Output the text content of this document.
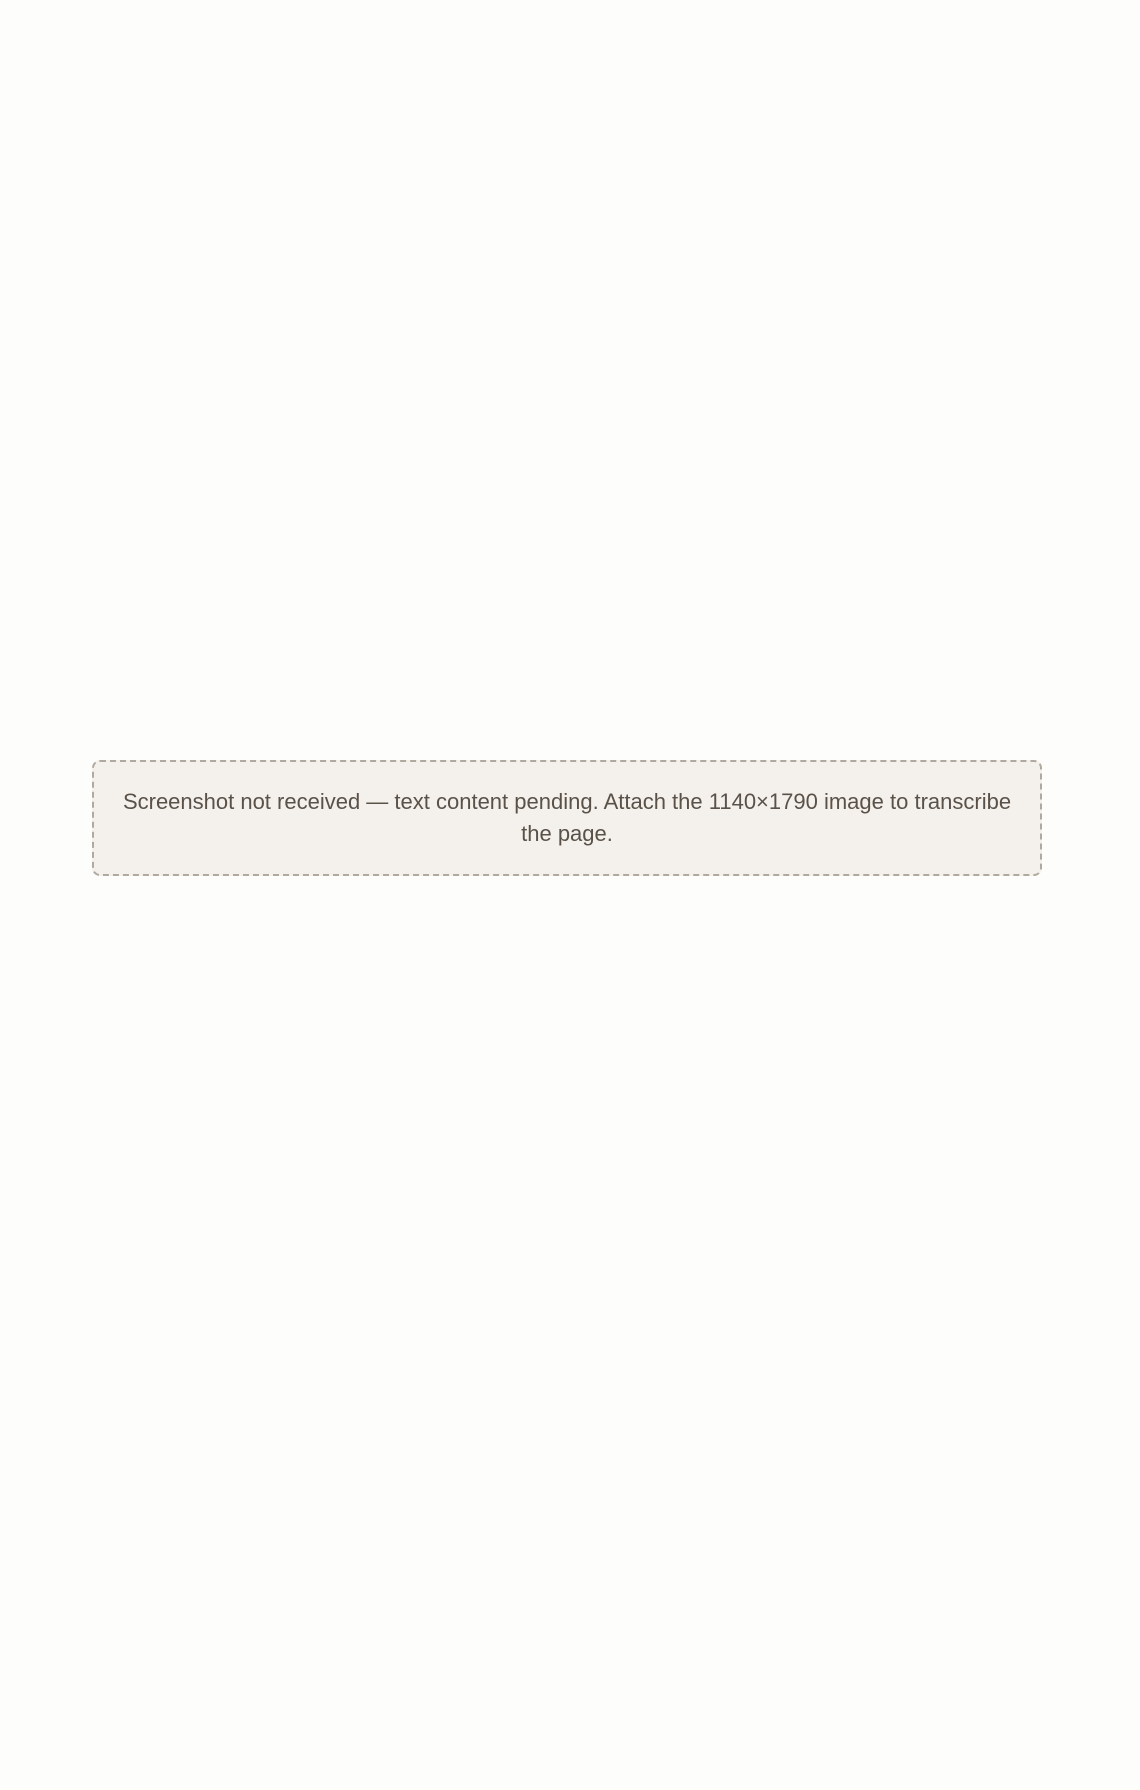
Screenshot not received — text content pending. Attach the 1140×1790 image to transcribe the page.
